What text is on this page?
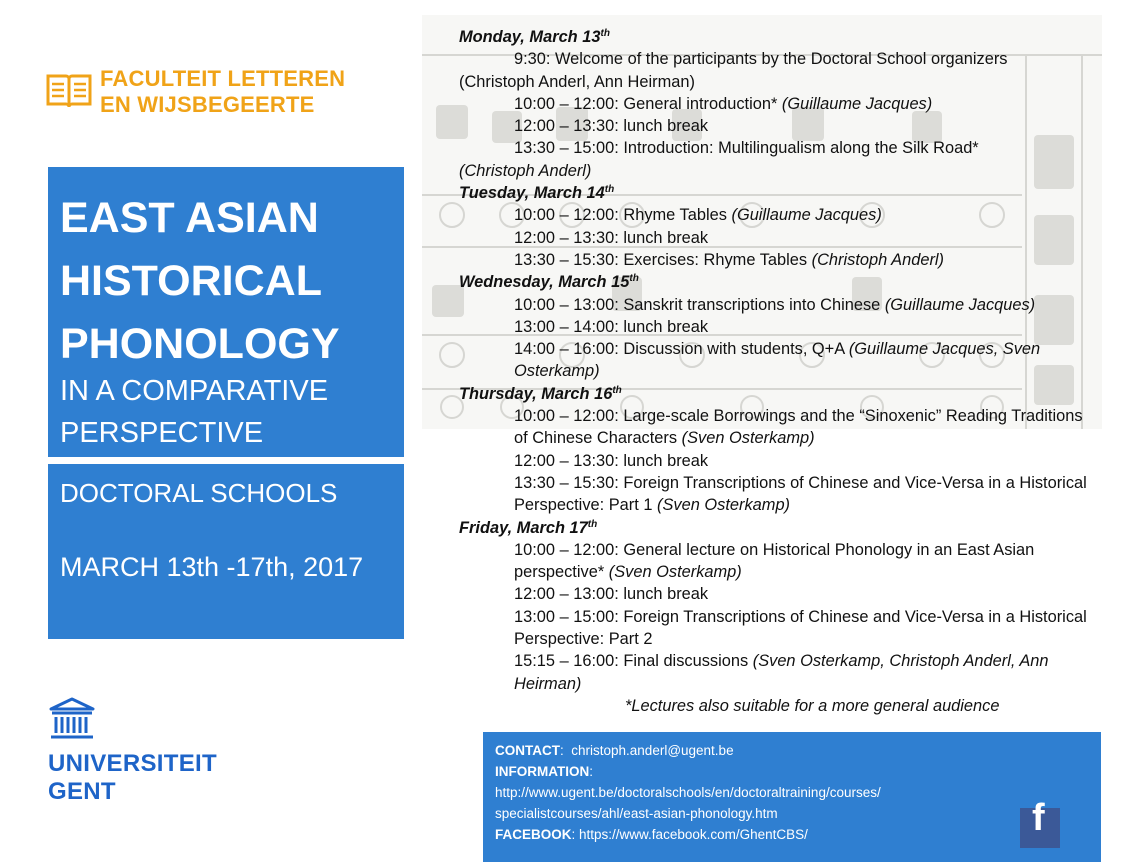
FACULTEIT LETTEREN
EN WIJSBEGEERTE
EAST ASIAN
HISTORICAL
PHONOLOGY
IN A COMPARATIVE
PERSPECTIVE
DOCTORAL SCHOOLS
MARCH 13th -17th, 2017
UNIVERSITEIT
GENT
Monday, March 13th
9:30: Welcome of the participants by the Doctoral School organizers
(Christoph Anderl, Ann Heirman)
10:00 – 12:00: General introduction* (Guillaume Jacques)
12:00 – 13:30: lunch break
13:30 – 15:00: Introduction: Multilingualism along the Silk Road*
(Christoph Anderl)
Tuesday, March 14th
10:00 – 12:00: Rhyme Tables (Guillaume Jacques)
12:00 – 13:30: lunch break
13:30 – 15:30: Exercises: Rhyme Tables (Christoph Anderl)
Wednesday, March 15th
10:00 – 13:00: Sanskrit transcriptions into Chinese (Guillaume Jacques)
13:00 – 14:00: lunch break
14:00 – 16:00: Discussion with students, Q+A (Guillaume Jacques, Sven Osterkamp)
Thursday, March 16th
10:00 – 12:00: Large-scale Borrowings and the “Sinoxenic” Reading Traditions of Chinese Characters (Sven Osterkamp)
12:00 – 13:30: lunch break
13:30 – 15:30: Foreign Transcriptions of Chinese and Vice-Versa in a Historical Perspective: Part 1 (Sven Osterkamp)
Friday, March 17th
10:00 – 12:00: General lecture on Historical Phonology in an East Asian perspective* (Sven Osterkamp)
12:00 – 13:00: lunch break
13:00 – 15:00: Foreign Transcriptions of Chinese and Vice-Versa in a Historical Perspective: Part 2
15:15 – 16:00: Final discussions (Sven Osterkamp, Christoph Anderl, Ann Heirman)
*Lectures also suitable for a more general audience
CONTACT:  christoph.anderl@ugent.be
INFORMATION:
http://www.ugent.be/doctoralschools/en/doctoraltraining/courses/
specialistcourses/ahl/east-asian-phonology.htm
FACEBOOK: https://www.facebook.com/GhentCBS/	f
